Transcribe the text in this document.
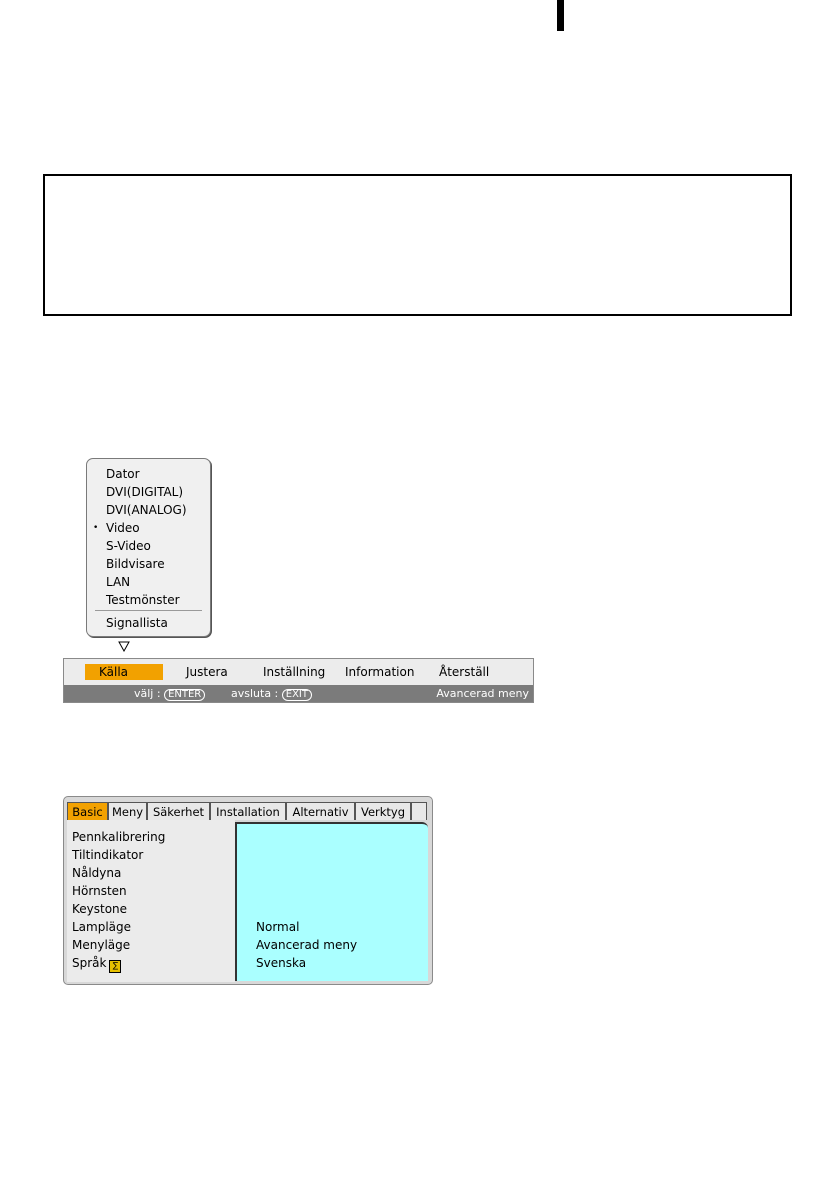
Dator
DVI(DIGITAL)
DVI(ANALOG)
• Video
S-Video
Bildvisare
LAN
Testmönster
Signallista
Källa	Justera	Inställning Information Återställ
välj : ENTER	avsluta : EXIT	Avancerad meny
Basic Meny Säkerhet	Installation	Alternativ	Verktyg
Pennkalibrering
Tiltindikator
Nåldyna
Hörnsten
Keystone
Lampläge
Menyläge
Språk ∑
Normal
Avancerad meny
Svenska
